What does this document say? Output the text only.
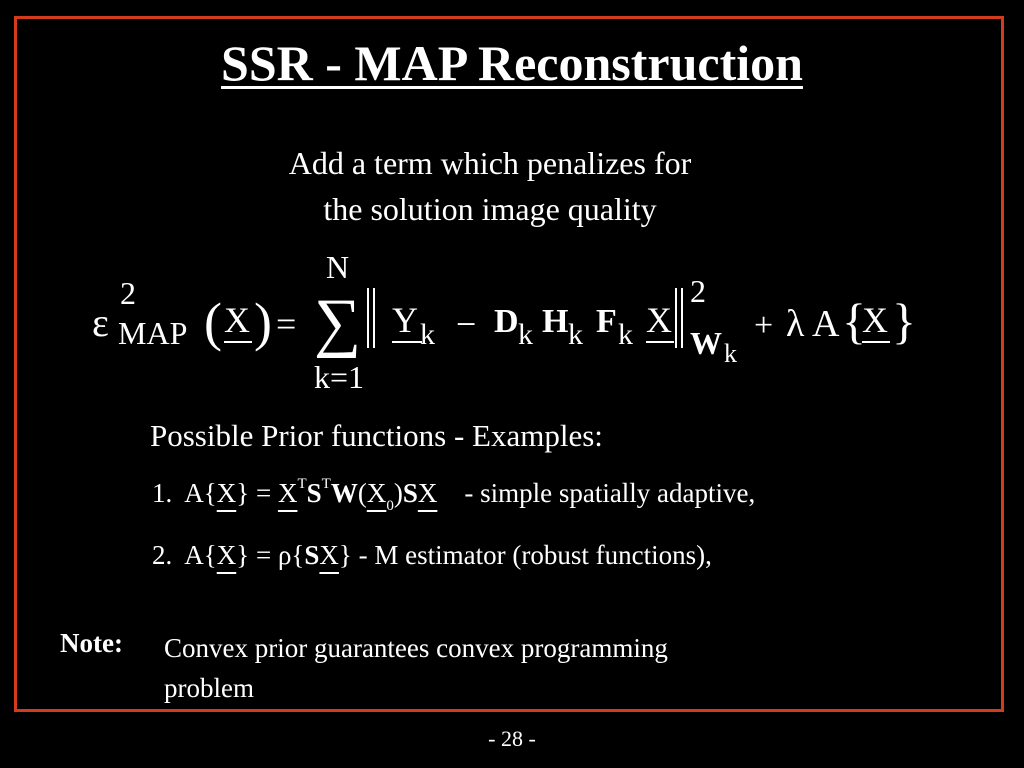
SSR - MAP Reconstruction
Add a term which penalizes for
the solution image quality
ε
2
MAP ( X ) =
N
∑
k=1
Y k − D k H k F k X
2
W k
+ λ A {
X }
Possible Prior functions - Examples:
1. $A\{X\} = X^TS^TW(X_0)SX$ - simple spatially adaptive,
2. A{X} = ρ{SX} - M estimator (robust functions),
Note: Convex prior guarantees convex programming problem
- 28 -
